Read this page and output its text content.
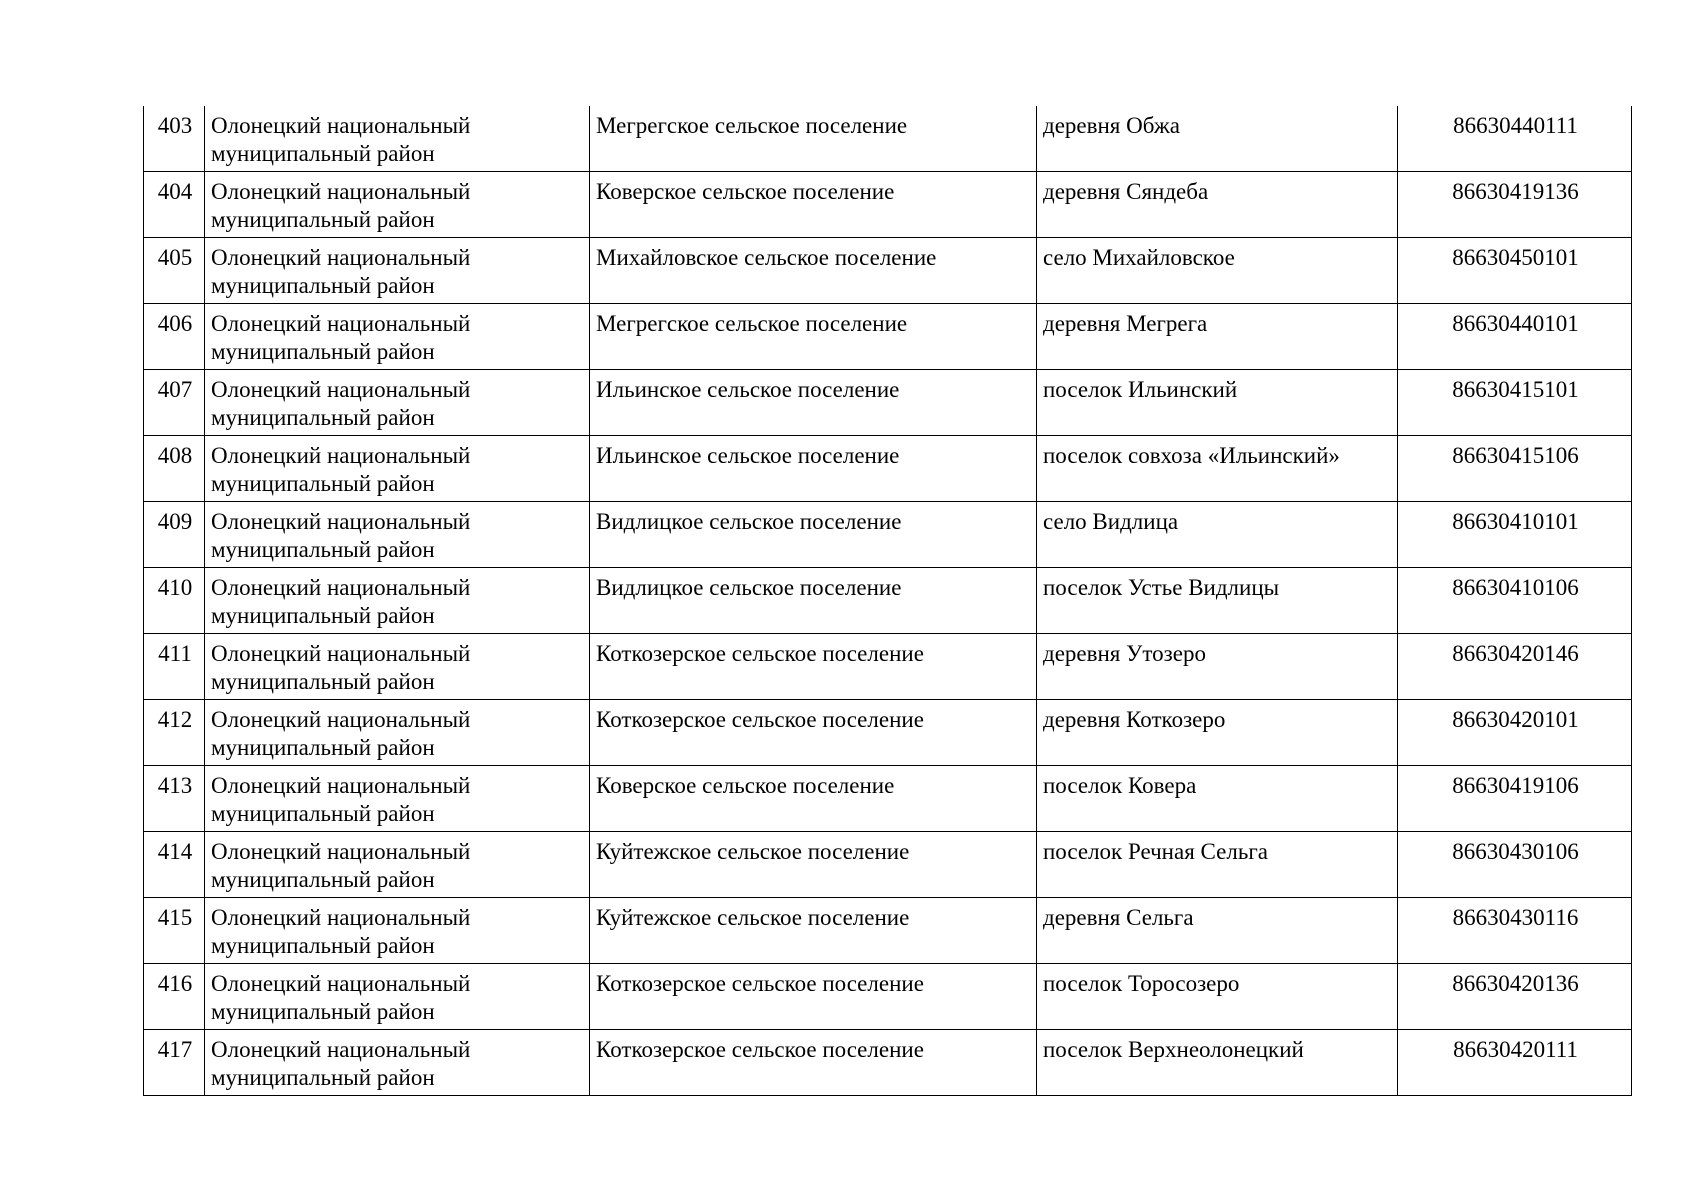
403	Олонецкий национальный муниципальный район	Мегрегское сельское поселение	деревня Обжа	86630440111
404	Олонецкий национальный муниципальный район	Коверское сельское поселение	деревня Сяндеба	86630419136
405	Олонецкий национальный муниципальный район	Михайловское сельское поселение	село Михайловское	86630450101
406	Олонецкий национальный муниципальный район	Мегрегское сельское поселение	деревня Мегрега	86630440101
407	Олонецкий национальный муниципальный район	Ильинское сельское поселение	поселок Ильинский	86630415101
408	Олонецкий национальный муниципальный район	Ильинское сельское поселение	поселок совхоза «Ильинский»	86630415106
409	Олонецкий национальный муниципальный район	Видлицкое сельское поселение	село Видлица	86630410101
410	Олонецкий национальный муниципальный район	Видлицкое сельское поселение	поселок Устье Видлицы	86630410106
411	Олонецкий национальный муниципальный район	Коткозерское сельское поселение	деревня Утозеро	86630420146
412	Олонецкий национальный муниципальный район	Коткозерское сельское поселение	деревня Коткозеро	86630420101
413	Олонецкий национальный муниципальный район	Коверское сельское поселение	поселок Ковера	86630419106
414	Олонецкий национальный муниципальный район	Куйтежское сельское поселение	поселок Речная Сельга	86630430106
415	Олонецкий национальный муниципальный район	Куйтежское сельское поселение	деревня Сельга	86630430116
416	Олонецкий национальный муниципальный район	Коткозерское сельское поселение	поселок Торосозеро	86630420136
417	Олонецкий национальный муниципальный район	Коткозерское сельское поселение	поселок Верхнеолонецкий	86630420111
